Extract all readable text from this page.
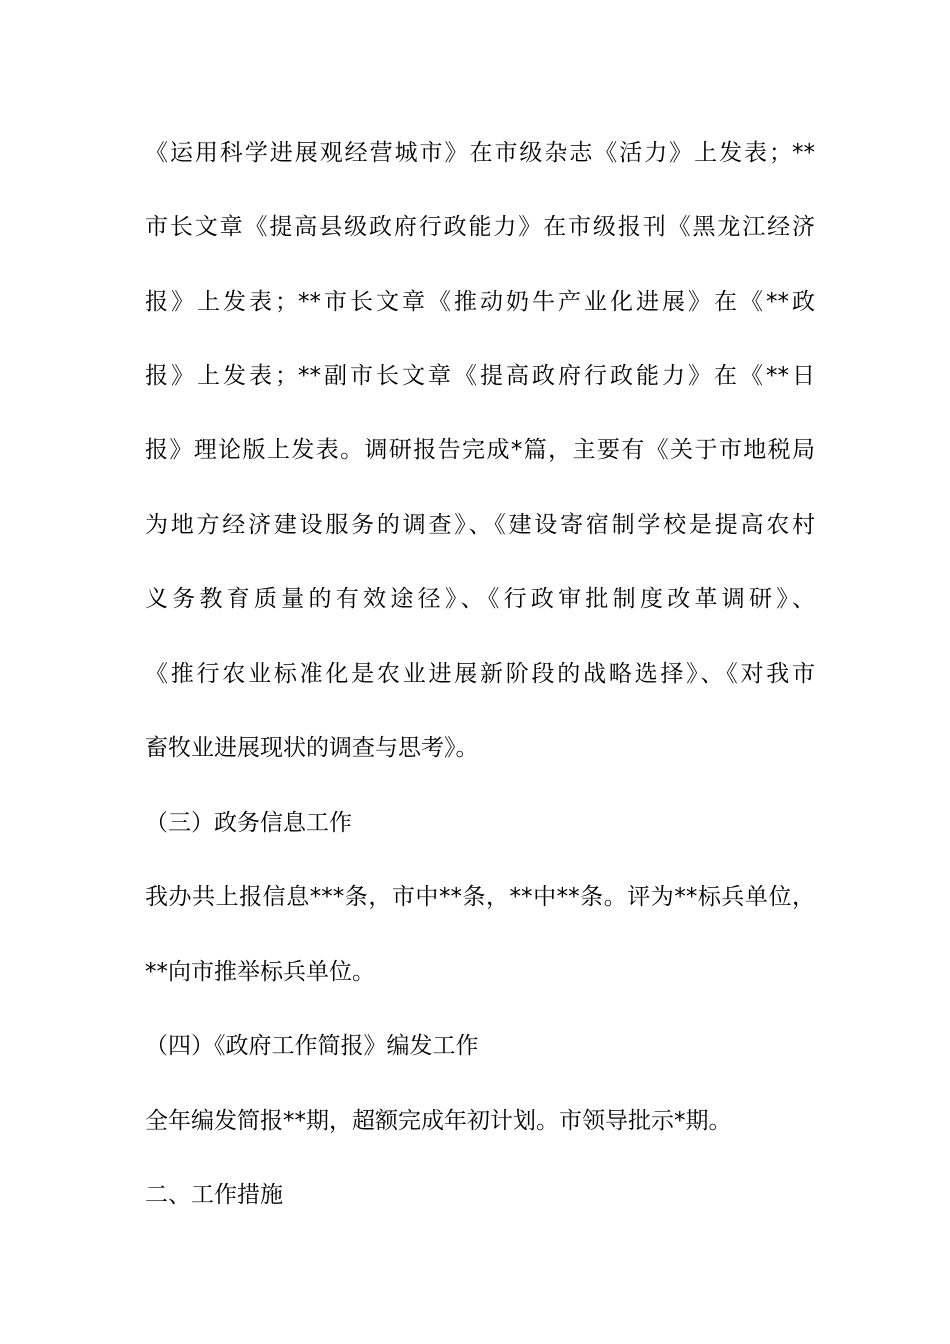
《运用科学进展观经营城市》在市级杂志《活力》上发表；**
市长文章《提高县级政府行政能力》在市级报刊《黑龙江经济
报》上发表；**市长文章《推动奶牛产业化进展》在《**政
报》上发表；**副市长文章《提高政府行政能力》在《**日
报》理论版上发表。调研报告完成*篇，主要有《关于市地税局
为地方经济建设服务的调查》、《建设寄宿制学校是提高农村
义务教育质量的有效途径》、《行政审批制度改革调研》、
《推行农业标准化是农业进展新阶段的战略选择》、《对我市
畜牧业进展现状的调查与思考》。
（三）政务信息工作
我办共上报信息***条，市中**条，**中**条。评为**标兵单位，
**向市推举标兵单位。
（四）《政府工作简报》编发工作
全年编发简报**期，超额完成年初计划。市领导批示*期。
二、工作措施
